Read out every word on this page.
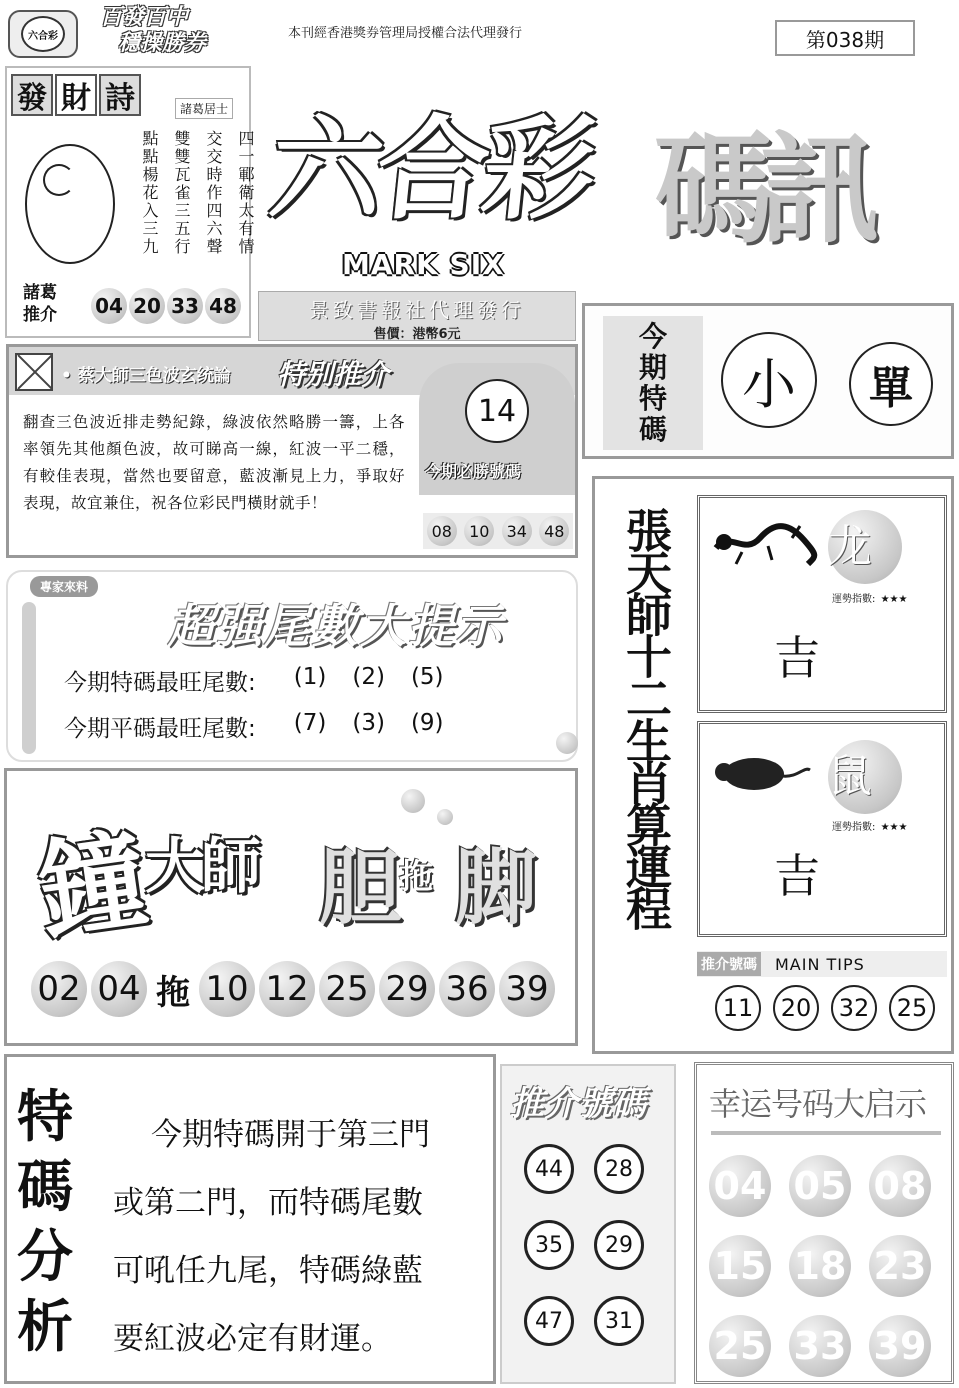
六合彩
百發百中
穩操勝券	本刊經香港獎券管理局授權合法代理發行	第038期
發 財 詩	諸葛居士
四一鄆衛太有情
交交時作四六聲
雙雙瓦雀三五行
點點楊花入三九
諸葛
推介 04 20 33 48
六合彩 碼訊
MARK SIX
景致書報社代理發行
售價：港幣6元	今
期
特
碼
小	單
• 蔡大師三色波玄统論 特别推介
翻查三色波近排走勢紀錄，綠波依然略勝一籌，上各率領先其他顏色波，故可睇高一線，紅波一平二穩，有較佳表現，當然也要留意，藍波漸見上力，爭取好表現，故宜兼住，祝各位彩民門橫財就手！
14
今期必勝號碼
08	10	34	48
專家來料
超强尾數大提示
今期特碼最旺尾數: (1) (2) (5)
今期平碼最旺尾數: (7) (3) (9)
鐘
大師 胆
拖 脚
02 04 拖 10 12 25 29 36 39
張天師十二生肖算運程	龙
運勢指數: ★★★
吉
鼠
運勢指數: ★★★
吉
推介號碼 MAIN TIPS
11	20	32	25
特
碼
分
析
今期特碼開于第三門
或第二門，而特碼尾數
可吼任九尾，特碼綠藍
要紅波必定有財運。
推介號碼
44	28
35	29
47	31
幸运号码大启示
04 05 08
15 18 23
25 33 39
